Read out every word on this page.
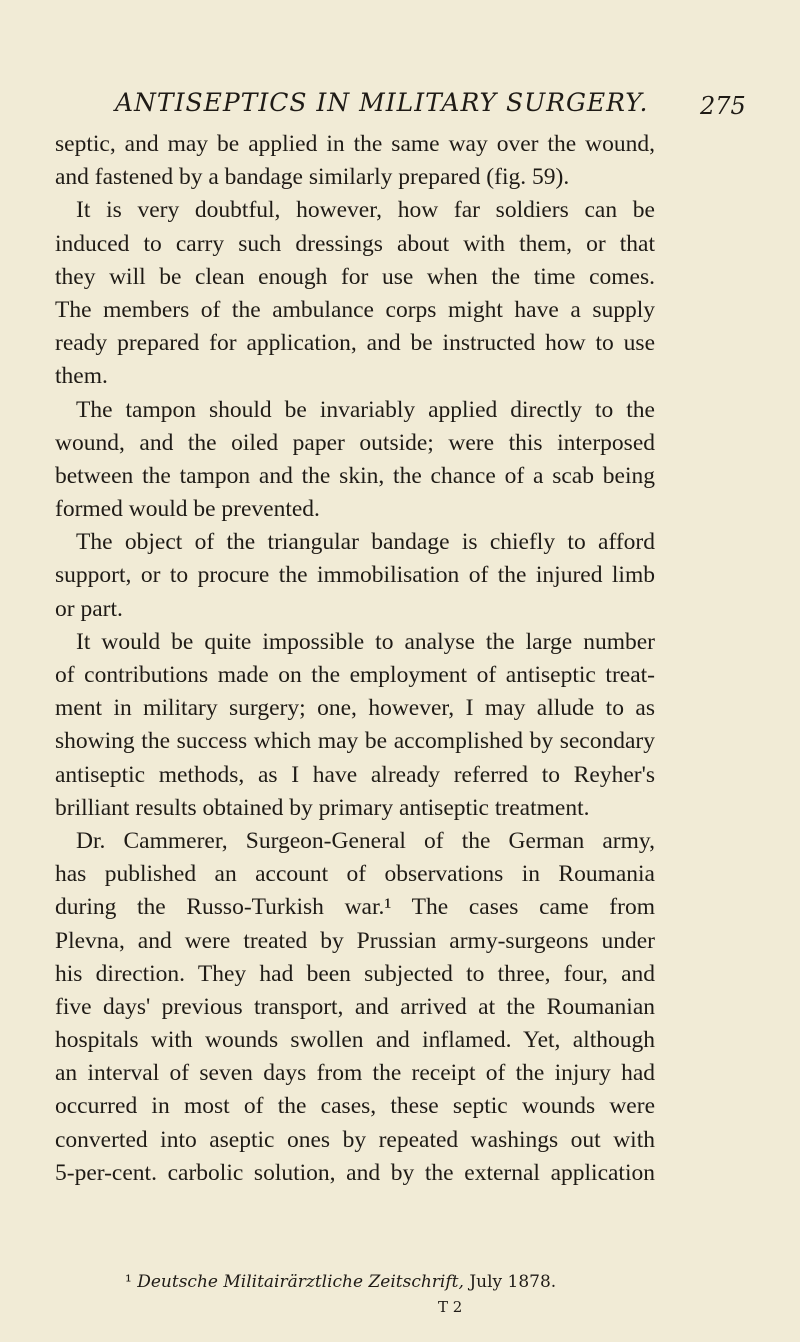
ANTISEPTICS IN MILITARY SURGERY.	275
septic, and may be applied in the same way over the wound,
and fastened by a bandage similarly prepared (fig. 59).
It is very doubtful, however, how far soldiers can be
induced to carry such dressings about with them, or that
they will be clean enough for use when the time comes.
The members of the ambulance corps might have a supply
ready prepared for application, and be instructed how to use
them.
The tampon should be invariably applied directly to the
wound, and the oiled paper outside; were this interposed
between the tampon and the skin, the chance of a scab being
formed would be prevented.
The object of the triangular bandage is chiefly to afford
support, or to procure the immobilisation of the injured limb
or part.
It would be quite impossible to analyse the large number
of contributions made on the employment of antiseptic treat-
ment in military surgery; one, however, I may allude to as
showing the success which may be accomplished by secondary
antiseptic methods, as I have already referred to Reyher's
brilliant results obtained by primary antiseptic treatment.
Dr. Cammerer, Surgeon-General of the German army,
has published an account of observations in Roumania
during the Russo-Turkish war.¹ The cases came from
Plevna, and were treated by Prussian army-surgeons under
his direction. They had been subjected to three, four, and
five days' previous transport, and arrived at the Roumanian
hospitals with wounds swollen and inflamed. Yet, although
an interval of seven days from the receipt of the injury had
occurred in most of the cases, these septic wounds were
converted into aseptic ones by repeated washings out with
5-per-cent. carbolic solution, and by the external application
¹ Deutsche Militairärztliche Zeitschrift, July 1878.
T 2
